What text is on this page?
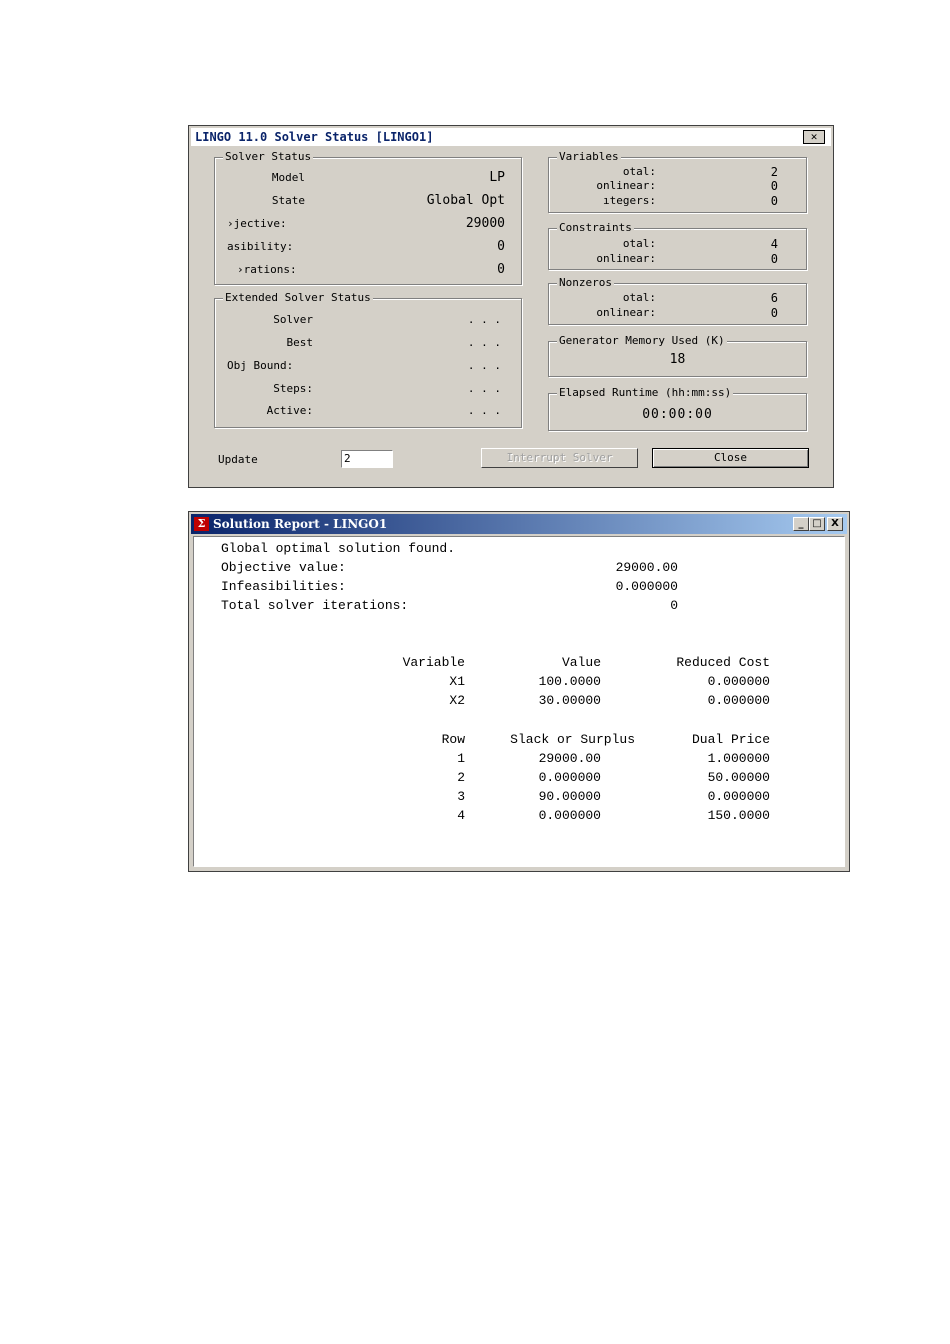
LINGO 11.0 Solver Status [LINGO1]	✕
Solver Status
Model	LP
State	Global Opt
›jective:	29000
asibility:	0
›rations:	0
Extended Solver Status
Solver	. . .
Best	. . .
Obj Bound:	. . .
Steps:	. . .
Active:	. . .
Variables
otal:	2
onlinear:	0
ıtegers:	0
Constraints
otal:	4
onlinear:	0
Nonzeros
otal:	6
onlinear:	0
Generator Memory Used (K)
18
Elapsed Runtime (hh:mm:ss)
00:00:00
Update	2	Interrupt Solver	Close
Σ Solution Report - LINGO1	_ □ X
Global optimal solution found.
Objective value:	29000.00
Infeasibilities:	0.000000
Total solver iterations:	0
Variable	Value	Reduced Cost
X1	100.0000	0.000000
X2	30.00000	0.000000
Row	Slack or Surplus	Dual Price
1	29000.00	1.000000
2	0.000000	50.00000
3	90.00000	0.000000
4	0.000000	150.0000
